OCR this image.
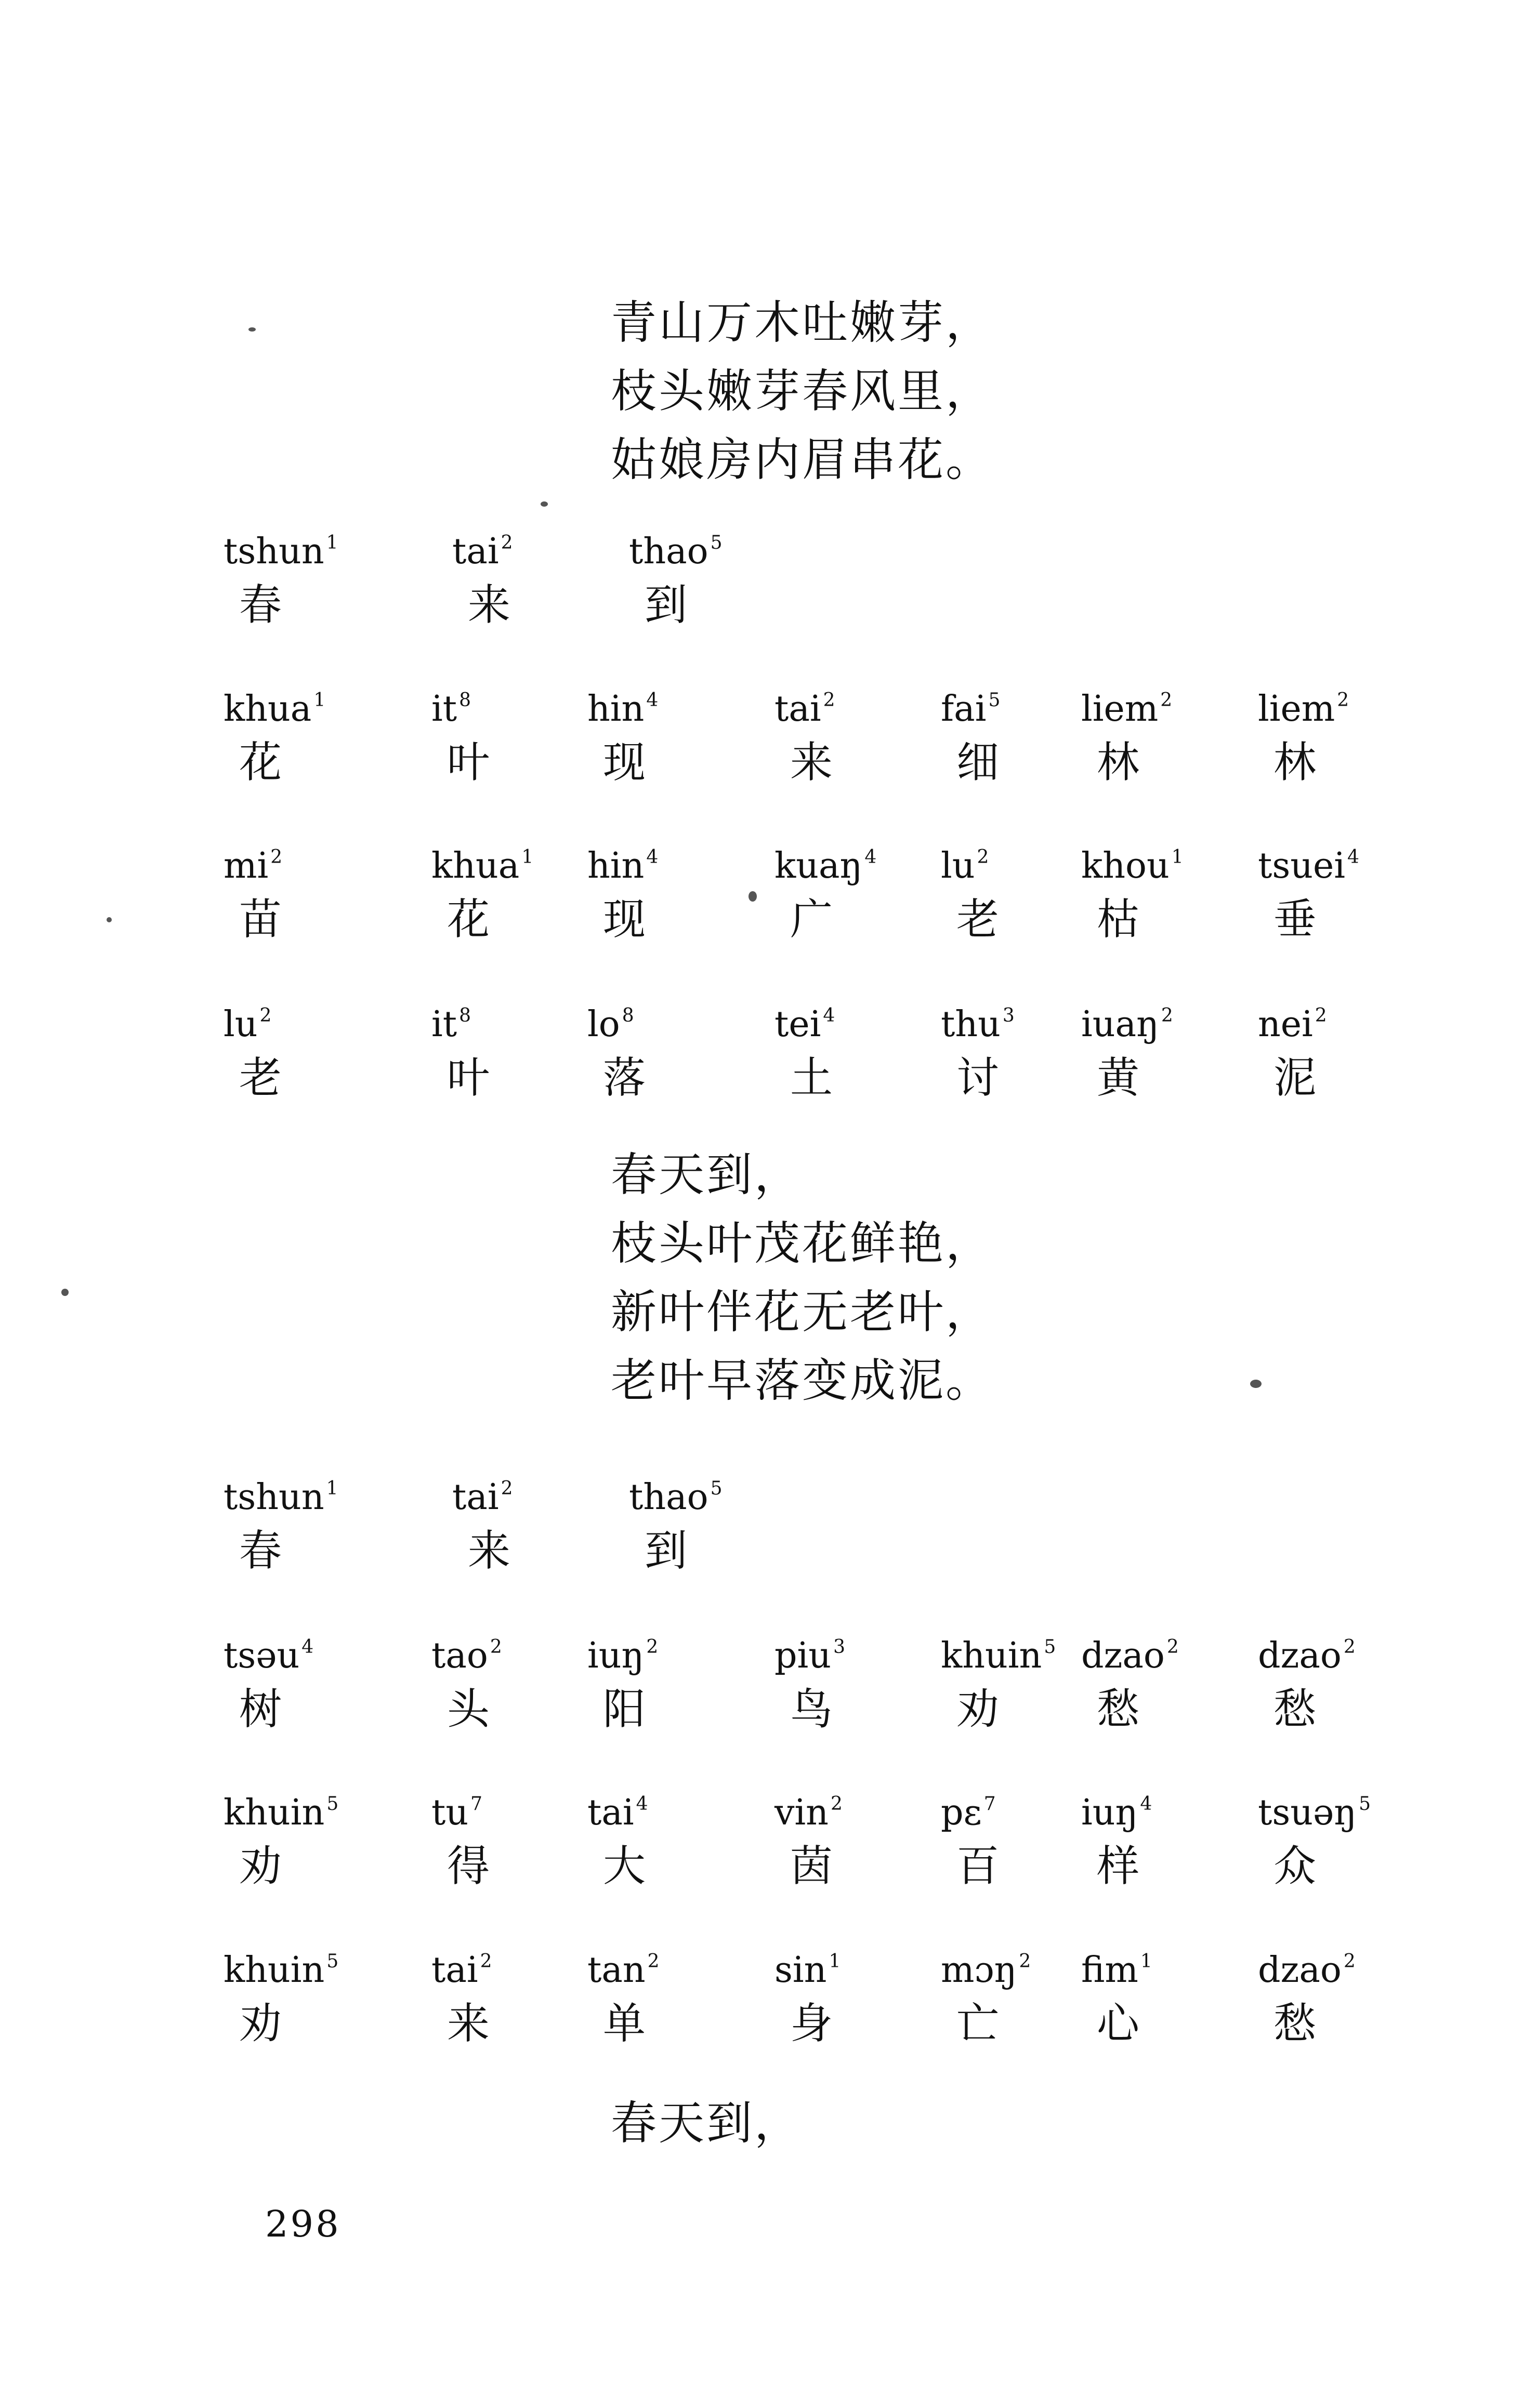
青山万木吐嫩芽，
枝头嫩芽春风里，
姑娘房内眉串花。
tshun $^1$
春
tai $^2$
来
thao $^5$
到
khua $^1$
花
it $^8$
叶
hin $^4$
现
tai $^2$
来
fai $^5$
细
liem $^2$
林
liem $^2$
林
mi $^2$
苗
khua $^1$
花
hin $^4$
现
kuaŋ $^4$
广
lu $^2$
老
khou $^1$
枯
tsuei $^4$
垂
lu $^2$
老
it $^8$
叶
lo $^8$
落
tei $^4$
土
thu $^3$
讨
iuaŋ $^2$
黄
nei $^2$
泥
春天到，
枝头叶茂花鲜艳，
新叶伴花无老叶，
老叶早落变成泥。
tshun $^1$
春
tai $^2$
来
thao $^5$
到
tsəu $^4$
树
tao $^2$
头
iuŋ $^2$
阳
piu $^3$
鸟
khuin $^5$
劝
dzao $^2$
愁
dzao $^2$
愁
khuin $^5$
劝
tu $^7$
得
tai $^4$
大
vin $^2$
茵
pɛ $^7$
百
iuŋ $^4$
样
tsuəŋ $^5$
众
khuin $^5$
劝
tai $^2$
来
tan $^2$
单
sin $^1$
身
mɔŋ $^2$
亡
fim $^1$
心
dzao $^2$
愁
春天到，
298
